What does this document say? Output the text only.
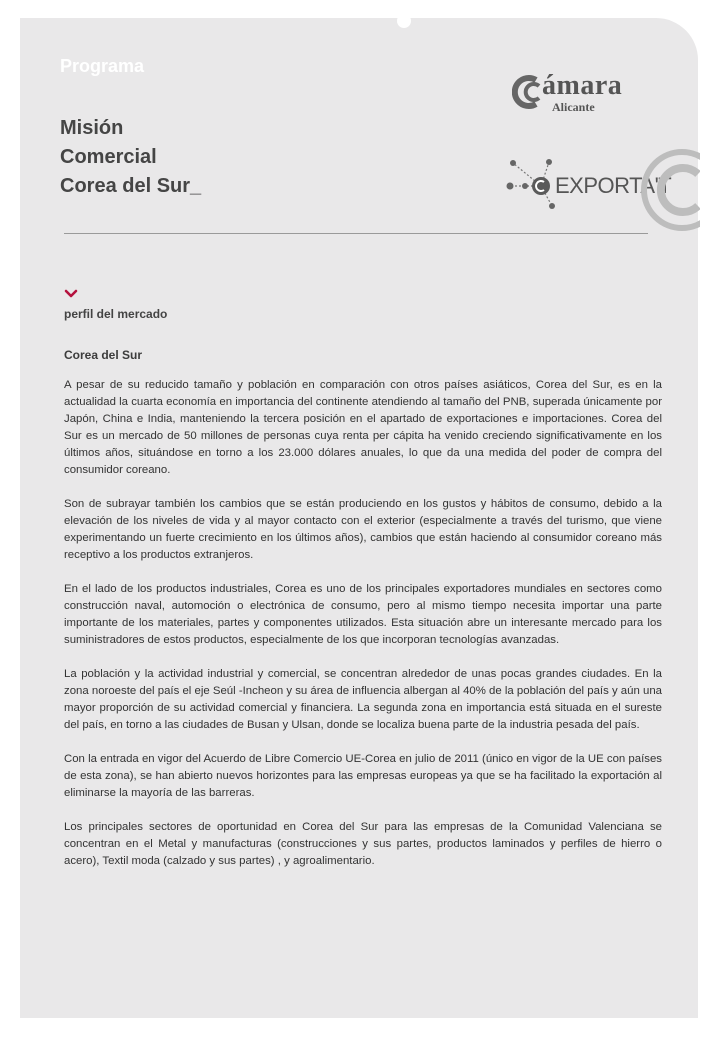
Programa
Misión
Comercial
Corea del Sur_
ámara
Alicante
EXPORTA'T
perfil del mercado
Corea del Sur

A pesar de su reducido tamaño y población en comparación con otros países asiáticos, Corea del Sur, es en la actualidad la cuarta economía en importancia del continente atendiendo al tamaño del PNB, superada únicamente por Japón, China e India, manteniendo la tercera posición en el apartado de exportaciones e importaciones. Corea del Sur es un mercado de 50 millones de personas cuya renta per cápita ha venido creciendo significativamente en los últimos años, situándose en torno a los 23.000 dólares anuales, lo que da una medida del poder de compra del consumidor coreano.

Son de subrayar también los cambios que se están produciendo en los gustos y hábitos de consumo, debido a la elevación de los niveles de vida y al mayor contacto con el exterior (especialmente a través del turismo, que viene experimentando un fuerte crecimiento en los últimos años), cambios que están haciendo al consumidor coreano más receptivo a los productos extranjeros.

En el lado de los productos industriales, Corea es uno de los principales exportadores mundiales en sectores como construcción naval, automoción o electrónica de consumo, pero al mismo tiempo necesita importar una parte importante de los materiales, partes y componentes utilizados. Esta situación abre un interesante mercado para los suministradores de estos productos, especialmente de los que incorporan tecnologías avanzadas.

La población y la actividad industrial y comercial, se concentran alrededor de unas pocas grandes ciudades. En la zona noroeste del país el eje Seúl -Incheon y su área de influencia albergan al 40% de la población del país y aún una mayor proporción de su actividad comercial y financiera. La segunda zona en importancia está situada en el sureste del país, en torno a las ciudades de Busan y Ulsan, donde se localiza buena parte de la industria pesada del país.

Con la entrada en vigor del Acuerdo de Libre Comercio UE-Corea en julio de 2011 (único en vigor de la UE con países de esta zona), se han abierto nuevos horizontes para las empresas europeas ya que se ha facilitado la exportación al eliminarse la mayoría de las barreras.

Los principales sectores de oportunidad en Corea del Sur para las empresas de la Comunidad Valenciana se concentran en el Metal y manufacturas (construcciones y sus partes, productos laminados y perfiles de hierro o acero), Textil moda (calzado y sus partes) , y agroalimentario.
